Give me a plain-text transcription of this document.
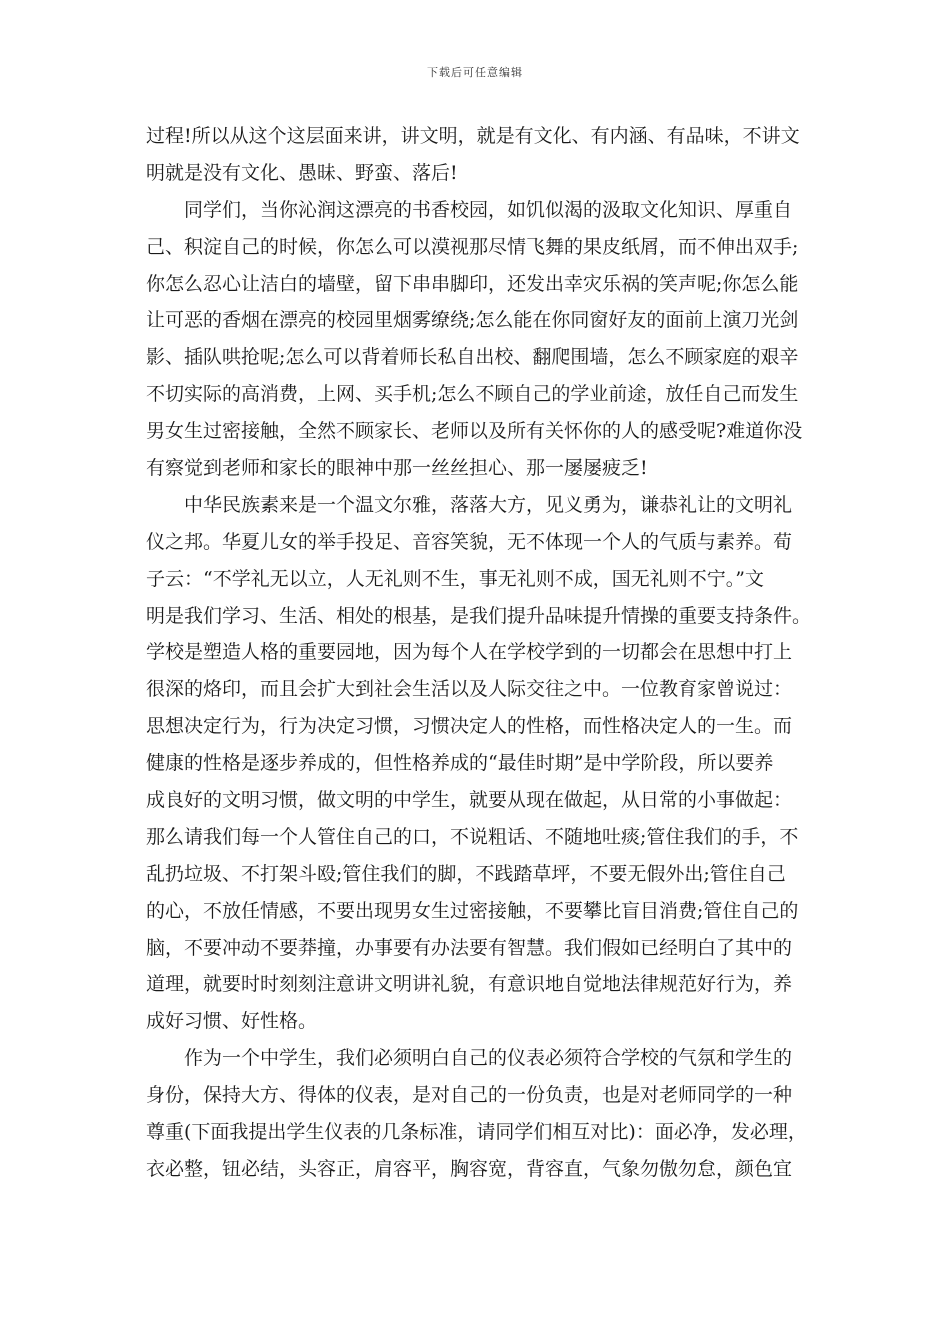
下载后可任意编辑
过程!所以从这个这层面来讲，讲文明，就是有文化、有内涵、有品味，不讲文
明就是没有文化、愚昧、野蛮、落后!
　　同学们，当你沁润这漂亮的书香校园，如饥似渴的汲取文化知识、厚重自
己、积淀自己的时候，你怎么可以漠视那尽情飞舞的果皮纸屑，而不伸出双手;
你怎么忍心让洁白的墙壁，留下串串脚印，还发出幸灾乐祸的笑声呢;你怎么能
让可恶的香烟在漂亮的校园里烟雾缭绕;怎么能在你同窗好友的面前上演刀光剑
影、插队哄抢呢;怎么可以背着师长私自出校、翻爬围墙，怎么不顾家庭的艰辛
不切实际的高消费，上网、买手机;怎么不顾自己的学业前途，放任自己而发生
男女生过密接触，全然不顾家长、老师以及所有关怀你的人的感受呢?难道你没
有察觉到老师和家长的眼神中那一丝丝担心、那一屡屡疲乏!
　　中华民族素来是一个温文尔雅，落落大方，见义勇为，谦恭礼让的文明礼
仪之邦。华夏儿女的举手投足、音容笑貌，无不体现一个人的气质与素养。荀
子云：“不学礼无以立，人无礼则不生，事无礼则不成，国无礼则不宁。”文
明是我们学习、生活、相处的根基，是我们提升品味提升情操的重要支持条件。
学校是塑造人格的重要园地，因为每个人在学校学到的一切都会在思想中打上
很深的烙印，而且会扩大到社会生活以及人际交往之中。一位教育家曾说过：
思想决定行为，行为决定习惯，习惯决定人的性格，而性格决定人的一生。而
健康的性格是逐步养成的，但性格养成的“最佳时期”是中学阶段，所以要养
成良好的文明习惯，做文明的中学生，就要从现在做起，从日常的小事做起：
那么请我们每一个人管住自己的口，不说粗话、不随地吐痰;管住我们的手，不
乱扔垃圾、不打架斗殴;管住我们的脚，不践踏草坪，不要无假外出;管住自己
的心，不放任情感，不要出现男女生过密接触，不要攀比盲目消费;管住自己的
脑，不要冲动不要莽撞，办事要有办法要有智慧。我们假如已经明白了其中的
道理，就要时时刻刻注意讲文明讲礼貌，有意识地自觉地法律规范好行为，养
成好习惯、好性格。
　　作为一个中学生，我们必须明白自己的仪表必须符合学校的气氛和学生的
身份，保持大方、得体的仪表，是对自己的一份负责，也是对老师同学的一种
尊重(下面我提出学生仪表的几条标准，请同学们相互对比)：面必净，发必理，
衣必整，钮必结，头容正，肩容平，胸容宽，背容直，气象勿傲勿怠，颜色宜
